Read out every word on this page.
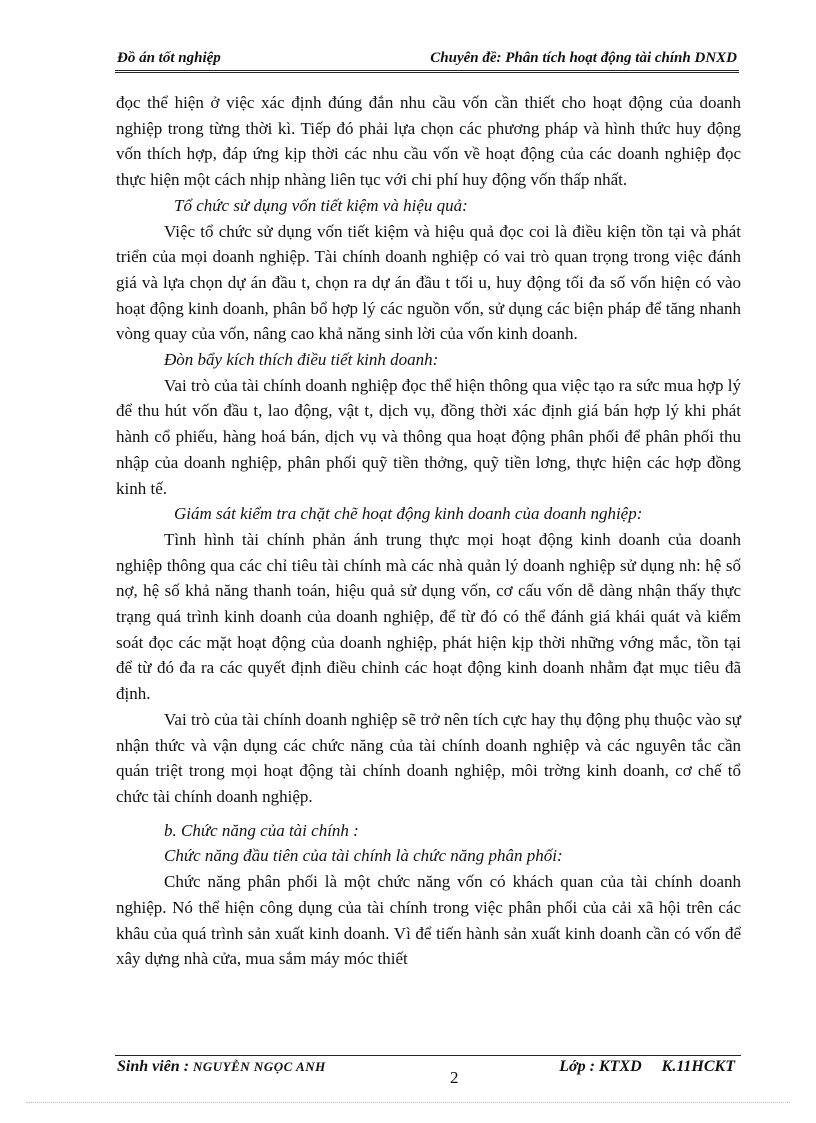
Đồ án tốt nghiệp	Chuyên đề: Phân tích hoạt động tài chính DNXD

đọc thể hiện ở việc xác định đúng đắn nhu cầu vốn cần thiết cho hoạt động của doanh nghiệp trong từng thời kì. Tiếp đó phải lựa chọn các phương pháp và hình thức huy động vốn thích hợp, đáp ứng kịp thời các nhu cầu vốn về hoạt động của các doanh nghiệp đọc thực hiện một cách nhịp nhàng liên tục với chi phí huy động vốn thấp nhất.

Tổ chức sử dụng vốn tiết kiệm và hiệu quả:

Việc tổ chức sử dụng vốn tiết kiệm và hiệu quả đọc coi là điều kiện tồn tại và phát triển của mọi doanh nghiệp. Tài chính doanh nghiệp có vai trò quan trọng trong việc đánh giá và lựa chọn dự án đầu t, chọn ra dự án đầu t tối u, huy động tối đa số vốn hiện có vào hoạt động kinh doanh, phân bổ hợp lý các nguồn vốn, sử dụng các biện pháp để tăng nhanh vòng quay của vốn, nâng cao khả năng sinh lời của vốn kinh doanh.

Đòn bẩy kích thích điều tiết kinh doanh:

Vai trò của tài chính doanh nghiệp đọc thể hiện thông qua việc tạo ra sức mua hợp lý để thu hút vốn đầu t, lao động, vật t, dịch vụ, đồng thời xác định giá bán hợp lý khi phát hành cổ phiếu, hàng hoá bán, dịch vụ và thông qua hoạt động phân phối để phân phối thu nhập của doanh nghiệp, phân phối quỹ tiền thởng, quỹ tiền lơng, thực hiện các hợp đồng kinh tế.

Giám sát kiểm tra chặt chẽ hoạt động kinh doanh của doanh nghiệp:

Tình hình tài chính phản ánh trung thực mọi hoạt động kinh doanh của doanh nghiệp thông qua các chỉ tiêu tài chính mà các nhà quản lý doanh nghiệp sử dụng nh: hệ số nợ, hệ số khả năng thanh toán, hiệu quả sử dụng vốn, cơ cấu vốn dễ dàng nhận thấy thực trạng quá trình kinh doanh của doanh nghiệp, để từ đó có thể đánh giá khái quát và kiểm soát đọc các mặt hoạt động của doanh nghiệp, phát hiện kịp thời những vớng mắc, tồn tại để từ đó đa ra các quyết định điều chỉnh các hoạt động kinh doanh nhằm đạt mục tiêu đã định.

Vai trò của tài chính doanh nghiệp sẽ trở nên tích cực hay thụ động phụ thuộc vào sự nhận thức và vận dụng các chức năng của tài chính doanh nghiệp và các nguyên tắc cần quán triệt trong mọi hoạt động tài chính doanh nghiệp, môi trờng kinh doanh, cơ chế tổ chức tài chính doanh nghiệp.

b. Chức năng của tài chính :

Chức năng đầu tiên của tài chính là chức năng phân phối:

Chức năng phân phối là một chức năng vốn có khách quan của tài chính doanh nghiệp. Nó thể hiện công dụng của tài chính trong việc phân phối của cải xã hội trên các khâu của quá trình sản xuất kinh doanh. Vì để tiến hành sản xuất kinh doanh cần có vốn để xây dựng nhà cửa, mua sắm máy móc thiết

Sinh viên : NGUYỄN NGỌC ANH
2
Lớp : KTXD     K.11HCKT
